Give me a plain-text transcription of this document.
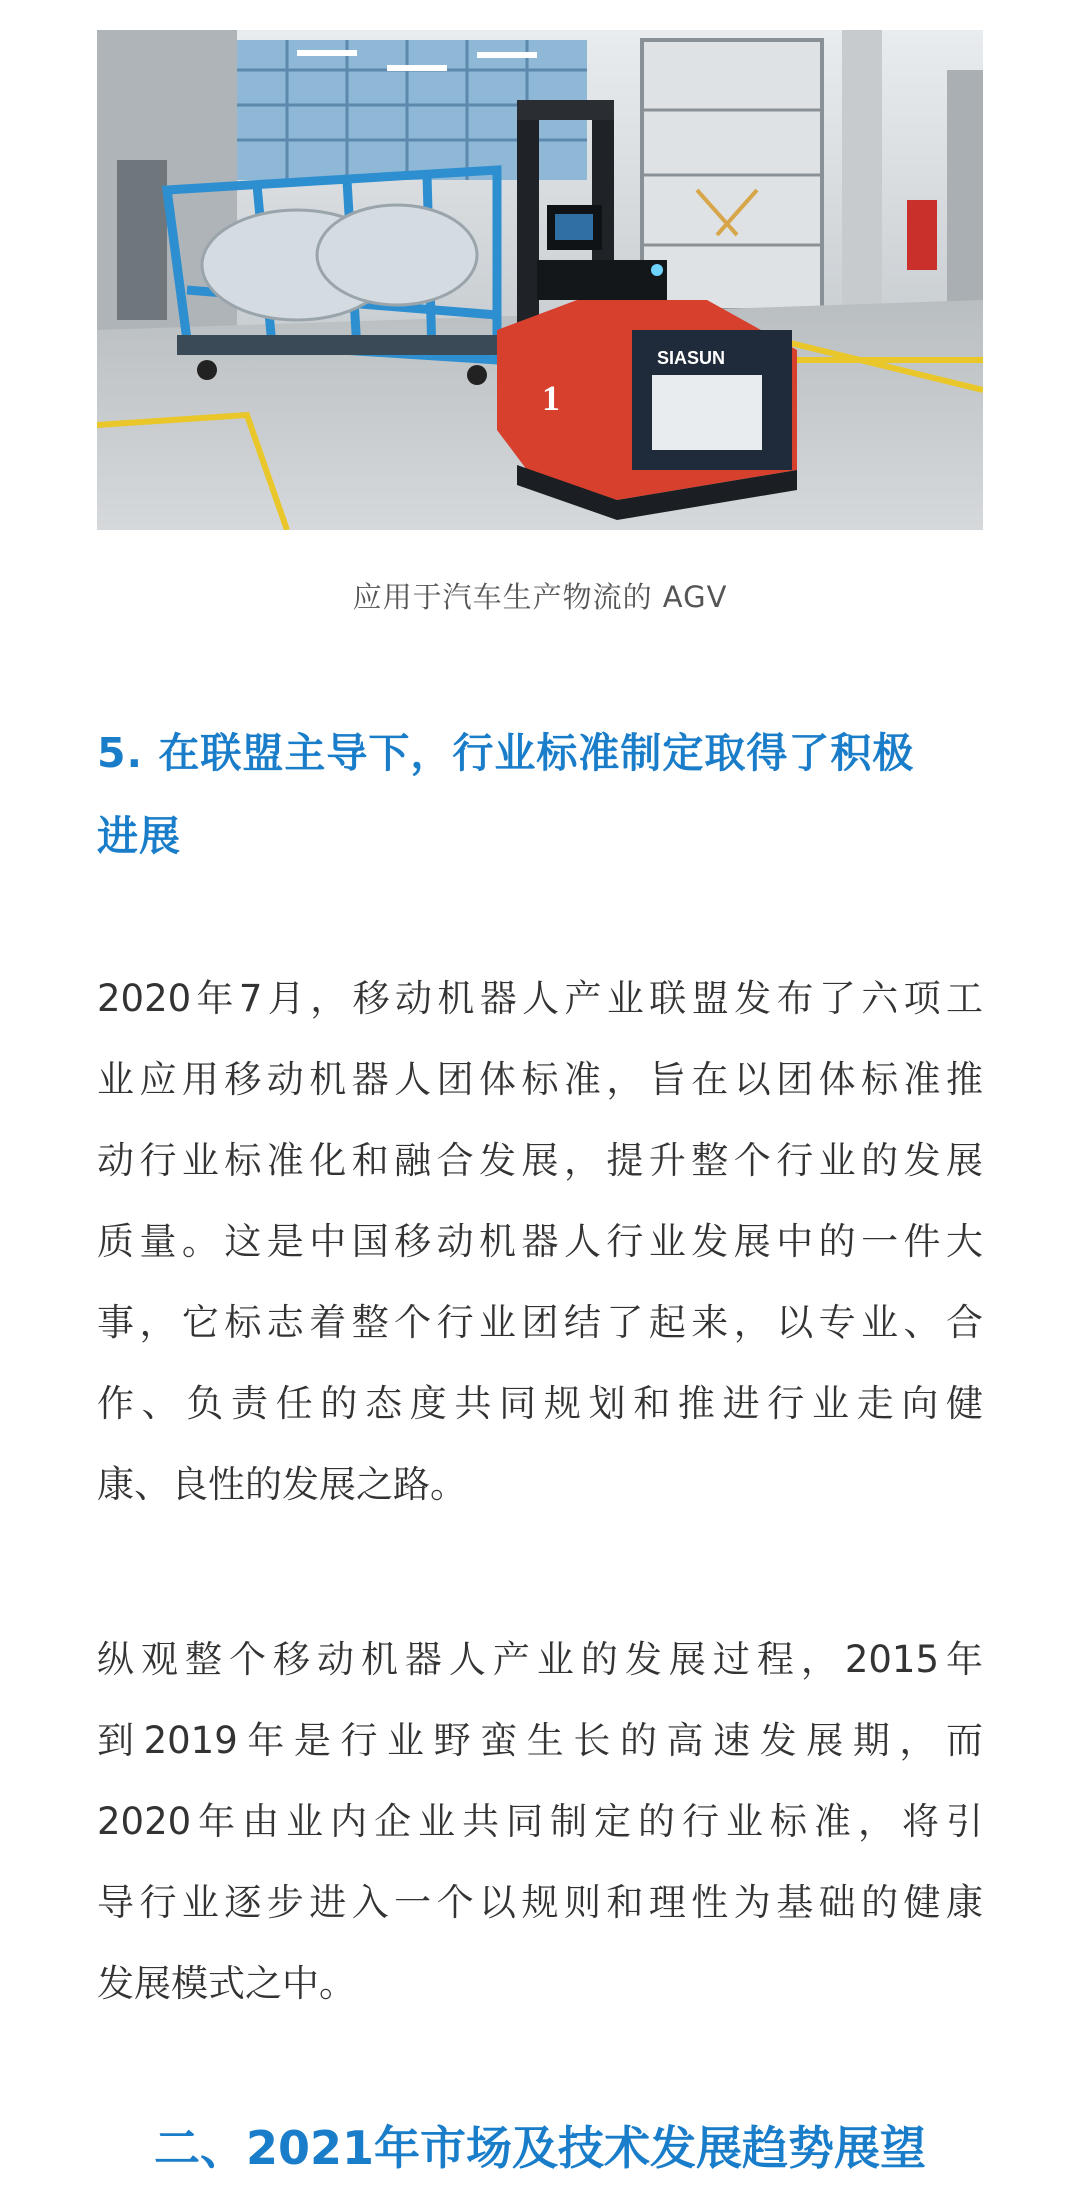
SIASUN
1
应用于汽车生产物流的 AGV
5. 在联盟主导下，行业标准制定取得了积极
进展
2020年7月，移动机器人产业联盟发布了六项工
业应用移动机器人团体标准，旨在以团体标准推
动行业标准化和融合发展，提升整个行业的发展
质量。这是中国移动机器人行业发展中的一件大
事，它标志着整个行业团结了起来，以专业、合
作、负责任的态度共同规划和推进行业走向健
康、良性的发展之路。
纵观整个移动机器人产业的发展过程，2015年
到2019年是行业野蛮生长的高速发展期，而
2020年由业内企业共同制定的行业标准，将引
导行业逐步进入一个以规则和理性为基础的健康
发展模式之中。
二、2021年市场及技术发展趋势展望
